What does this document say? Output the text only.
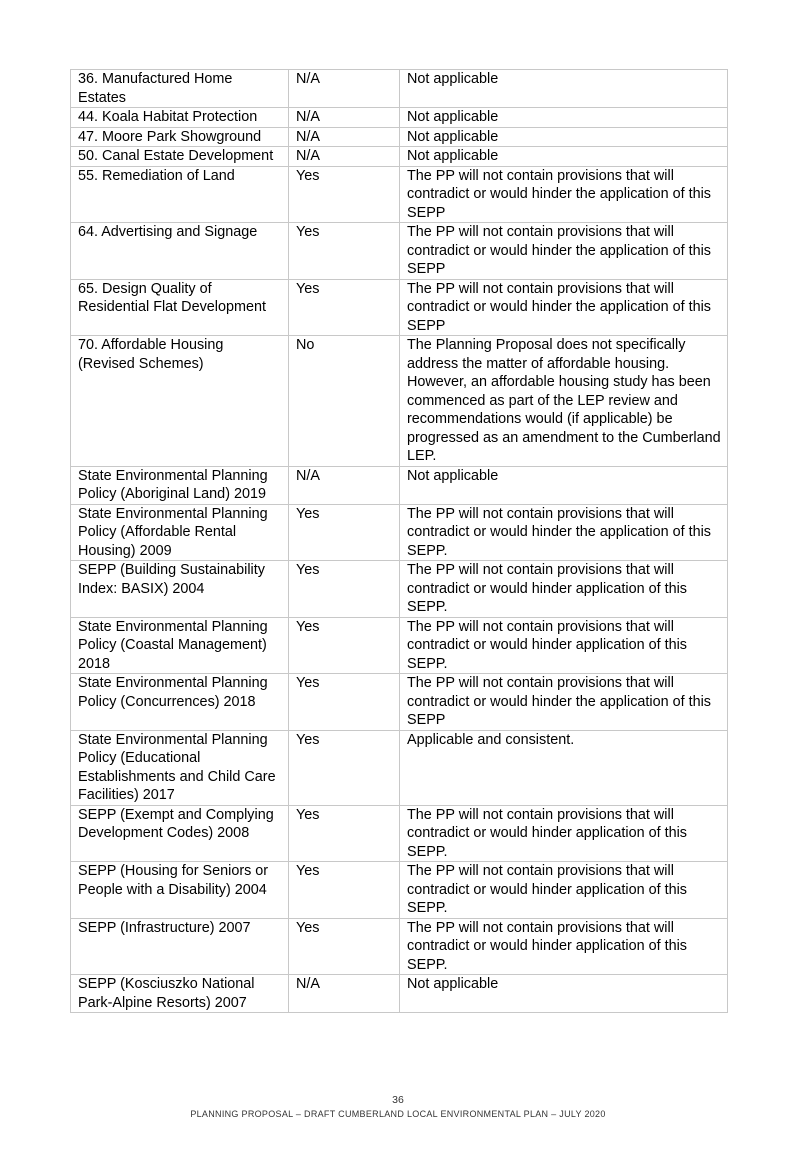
36. Manufactured Home Estates	N/A	Not applicable
44. Koala Habitat Protection	N/A	Not applicable
47. Moore Park Showground	N/A	Not applicable
50. Canal Estate Development	N/A	Not applicable
55. Remediation of Land	Yes	The PP will not contain provisions that will contradict or would hinder the application of this SEPP
64. Advertising and Signage	Yes	The PP will not contain provisions that will contradict or would hinder the application of this SEPP
65. Design Quality of Residential Flat Development	Yes	The PP will not contain provisions that will contradict or would hinder the application of this SEPP
70. Affordable Housing (Revised Schemes)	No	The Planning Proposal does not specifically address the matter of affordable housing. However, an affordable housing study has been commenced as part of the LEP review and recommendations would (if applicable) be progressed as an amendment to the Cumberland LEP.
State Environmental Planning Policy (Aboriginal Land) 2019	N/A	Not applicable
State Environmental Planning Policy (Affordable Rental Housing) 2009	Yes	The PP will not contain provisions that will contradict or would hinder the application of this SEPP.
SEPP (Building Sustainability Index: BASIX) 2004	Yes	The PP will not contain provisions that will contradict or would hinder application of this SEPP.
State Environmental Planning Policy (Coastal Management) 2018	Yes	The PP will not contain provisions that will contradict or would hinder application of this SEPP.
State Environmental Planning Policy (Concurrences) 2018	Yes	The PP will not contain provisions that will contradict or would hinder the application of this SEPP
State Environmental Planning Policy (Educational Establishments and Child Care Facilities) 2017	Yes	Applicable and consistent.
SEPP (Exempt and Complying Development Codes) 2008	Yes	The PP will not contain provisions that will contradict or would hinder application of this SEPP.
SEPP (Housing for Seniors or People with a Disability) 2004	Yes	The PP will not contain provisions that will contradict or would hinder application of this SEPP.
SEPP (Infrastructure) 2007	Yes	The PP will not contain provisions that will contradict or would hinder application of this SEPP.
SEPP (Kosciuszko National Park-Alpine Resorts) 2007	N/A	Not applicable
36
PLANNING PROPOSAL – DRAFT CUMBERLAND LOCAL ENVIRONMENTAL PLAN – JULY 2020
